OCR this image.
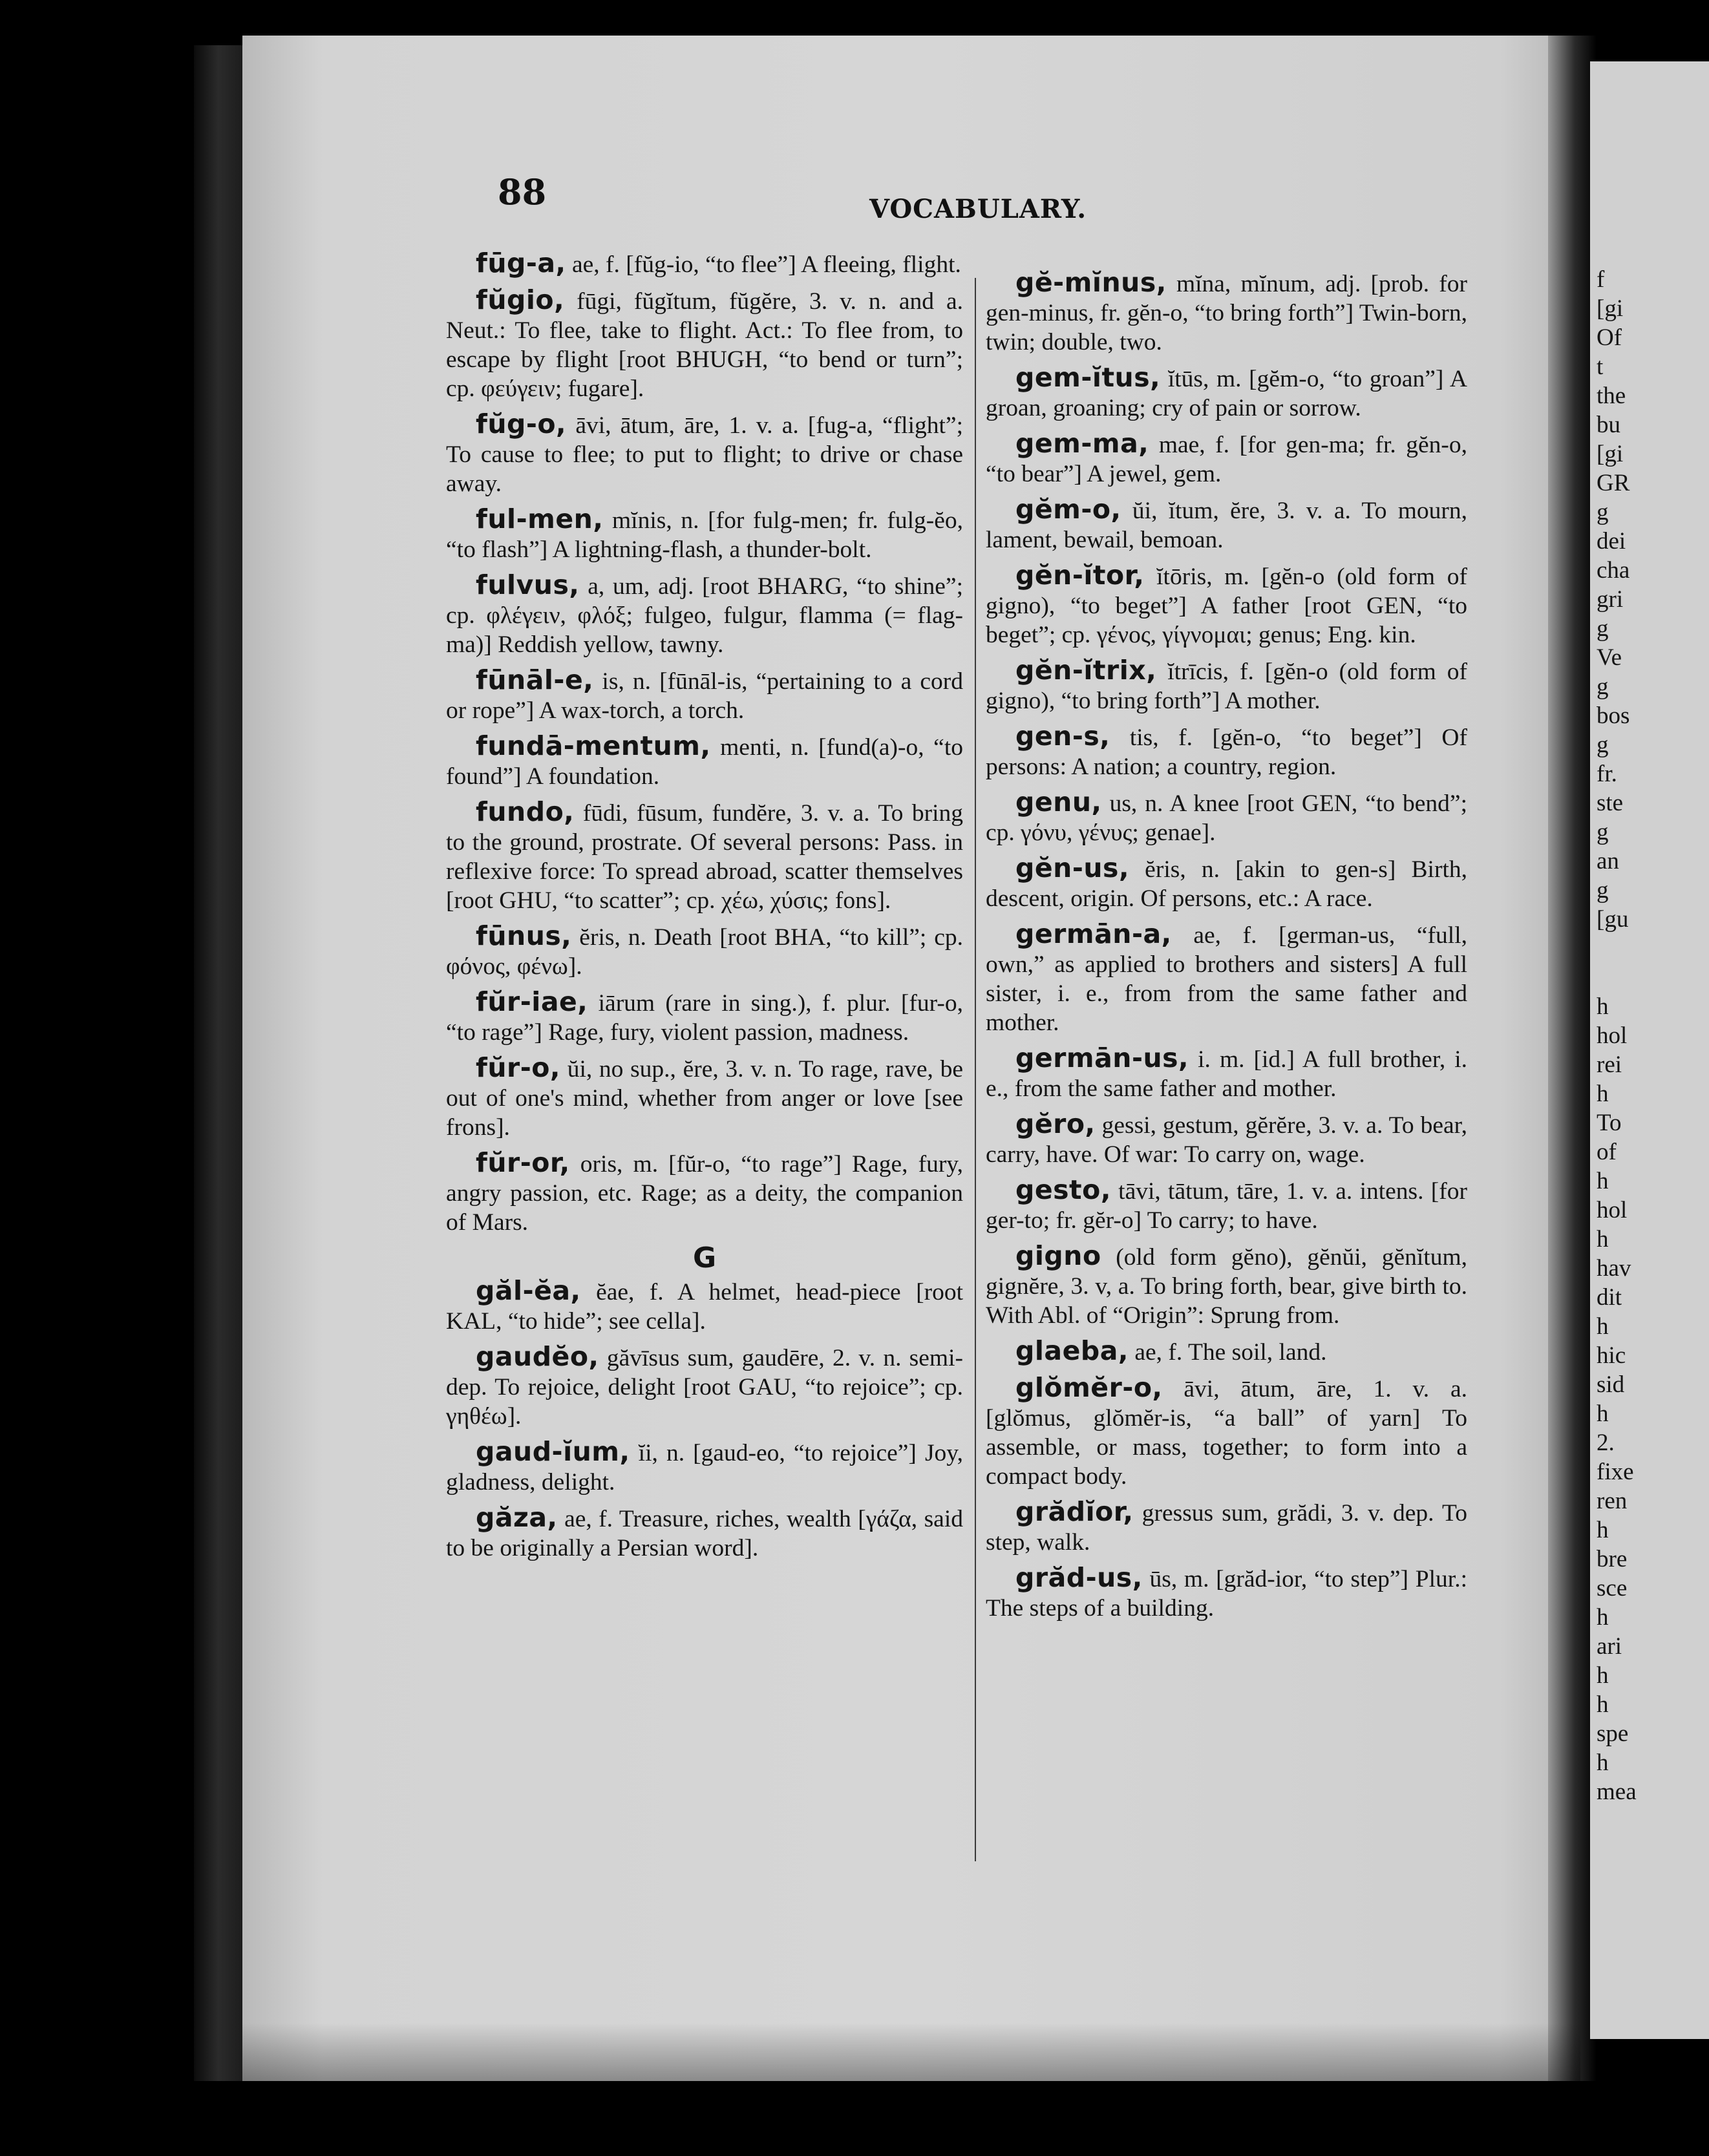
88	VOCABULARY.
fūg-a, ae, f. [fŭg-io, “to flee”] A fleeing, flight.
fŭgio, fūgi, fŭgĭtum, fŭgĕre, 3. v. n. and a. Neut.: To flee, take to flight. Act.: To flee from, to escape by flight [root BHUGH, “to bend or turn”; cp. φεύγειν; fugare].
fŭg-o, āvi, ātum, āre, 1. v. a. [fug-a, “flight”; To cause to flee; to put to flight; to drive or chase away.
ful-men, mĭnis, n. [for fulg-men; fr. fulg-ĕo, “to flash”] A lightning-flash, a thunder-bolt.
fulvus, a, um, adj. [root BHARG, “to shine”; cp. φλέγειν, φλόξ; fulgeo, fulgur, flamma (= flag-ma)] Reddish yellow, tawny.
fūnāl-e, is, n. [fūnāl-is, “pertaining to a cord or rope”] A wax-torch, a torch.
fundā-mentum, menti, n. [fund(a)-o, “to found”] A foundation.
fundo, fūdi, fūsum, fundĕre, 3. v. a. To bring to the ground, prostrate. Of several persons: Pass. in reflexive force: To spread abroad, scatter themselves [root GHU, “to scatter”; cp. χέω, χύσις; fons].
fūnus, ĕris, n. Death [root BHA, “to kill”; cp. φόνος, φένω].
fŭr-iae, iārum (rare in sing.), f. plur. [fur-o, “to rage”] Rage, fury, violent passion, madness.
fŭr-o, ŭi, no sup., ĕre, 3. v. n. To rage, rave, be out of one's mind, whether from anger or love [see frons].
fŭr-or, oris, m. [fŭr-o, “to rage”] Rage, fury, angry passion, etc. Rage; as a deity, the companion of Mars.
G
găl-ĕa, ĕae, f. A helmet, head-piece [root KAL, “to hide”; see cella].
gaudĕo, găvīsus sum, gaudēre, 2. v. n. semi-dep. To rejoice, delight [root GAU, “to rejoice”; cp. γηθέω].
gaud-ĭum, ĭi, n. [gaud-eo, “to rejoice”] Joy, gladness, delight.
găza, ae, f. Treasure, riches, wealth [γάζα, said to be originally a Persian word].
gĕ-mĭnus, mĭna, mĭnum, adj. [prob. for gen-minus, fr. gĕn-o, “to bring forth”] Twin-born, twin; double, two.
gem-ĭtus, ĭtūs, m. [gĕm-o, “to groan”] A groan, groaning; cry of pain or sorrow.
gem-ma, mae, f. [for gen-ma; fr. gĕn-o, “to bear”] A jewel, gem.
gĕm-o, ŭi, ĭtum, ĕre, 3. v. a. To mourn, lament, bewail, bemoan.
gĕn-ĭtor, ĭtōris, m. [gĕn-o (old form of gigno), “to beget”] A father [root GEN, “to beget”; cp. γένος, γίγνομαι; genus; Eng. kin.
gĕn-ĭtrix, ĭtrīcis, f. [gĕn-o (old form of gigno), “to bring forth”] A mother.
gen-s, tis, f. [gĕn-o, “to beget”] Of persons: A nation; a country, region.
genu, us, n. A knee [root GEN, “to bend”; cp. γόνυ, γένυς; genae].
gĕn-us, ĕris, n. [akin to gen-s] Birth, descent, origin. Of persons, etc.: A race.
germān-a, ae, f. [german-us, “full, own,” as applied to brothers and sisters] A full sister, i. e., from from the same father and mother.
germān-us, i. m. [id.] A full brother, i. e., from the same father and mother.
gĕro, gessi, gestum, gĕrĕre, 3. v. a. To bear, carry, have. Of war: To carry on, wage.
gesto, tāvi, tātum, tāre, 1. v. a. intens. [for ger-to; fr. gĕr-o] To carry; to have.
gigno (old form gĕno), gĕnŭi, gĕnĭtum, gignĕre, 3. v, a. To bring forth, bear, give birth to. With Abl. of “Origin”: Sprung from.
glaeba, ae, f. The soil, land.
glŏmĕr-o, āvi, ātum, āre, 1. v. a. [glŏmus, glŏmĕr-is, “a ball” of yarn] To assemble, or mass, together; to form into a compact body.
grădĭor, gressus sum, grădi, 3. v. dep. To step, walk.
grăd-us, ūs, m. [grăd-ior, “to step”] Plur.: The steps of a building.
f
[gi
Of
t
the
bu
[gi
GR
g
dei
cha
gri
g
Ve
g
bos
g
fr.
ste
g
an
g
[gu
h
hol
rei
h
To
of
h
hol
h
hav
dit
h
hic
sid
h
2.
fixe
ren
h
bre
sce
h
ari
h
h
spe
h
mea
